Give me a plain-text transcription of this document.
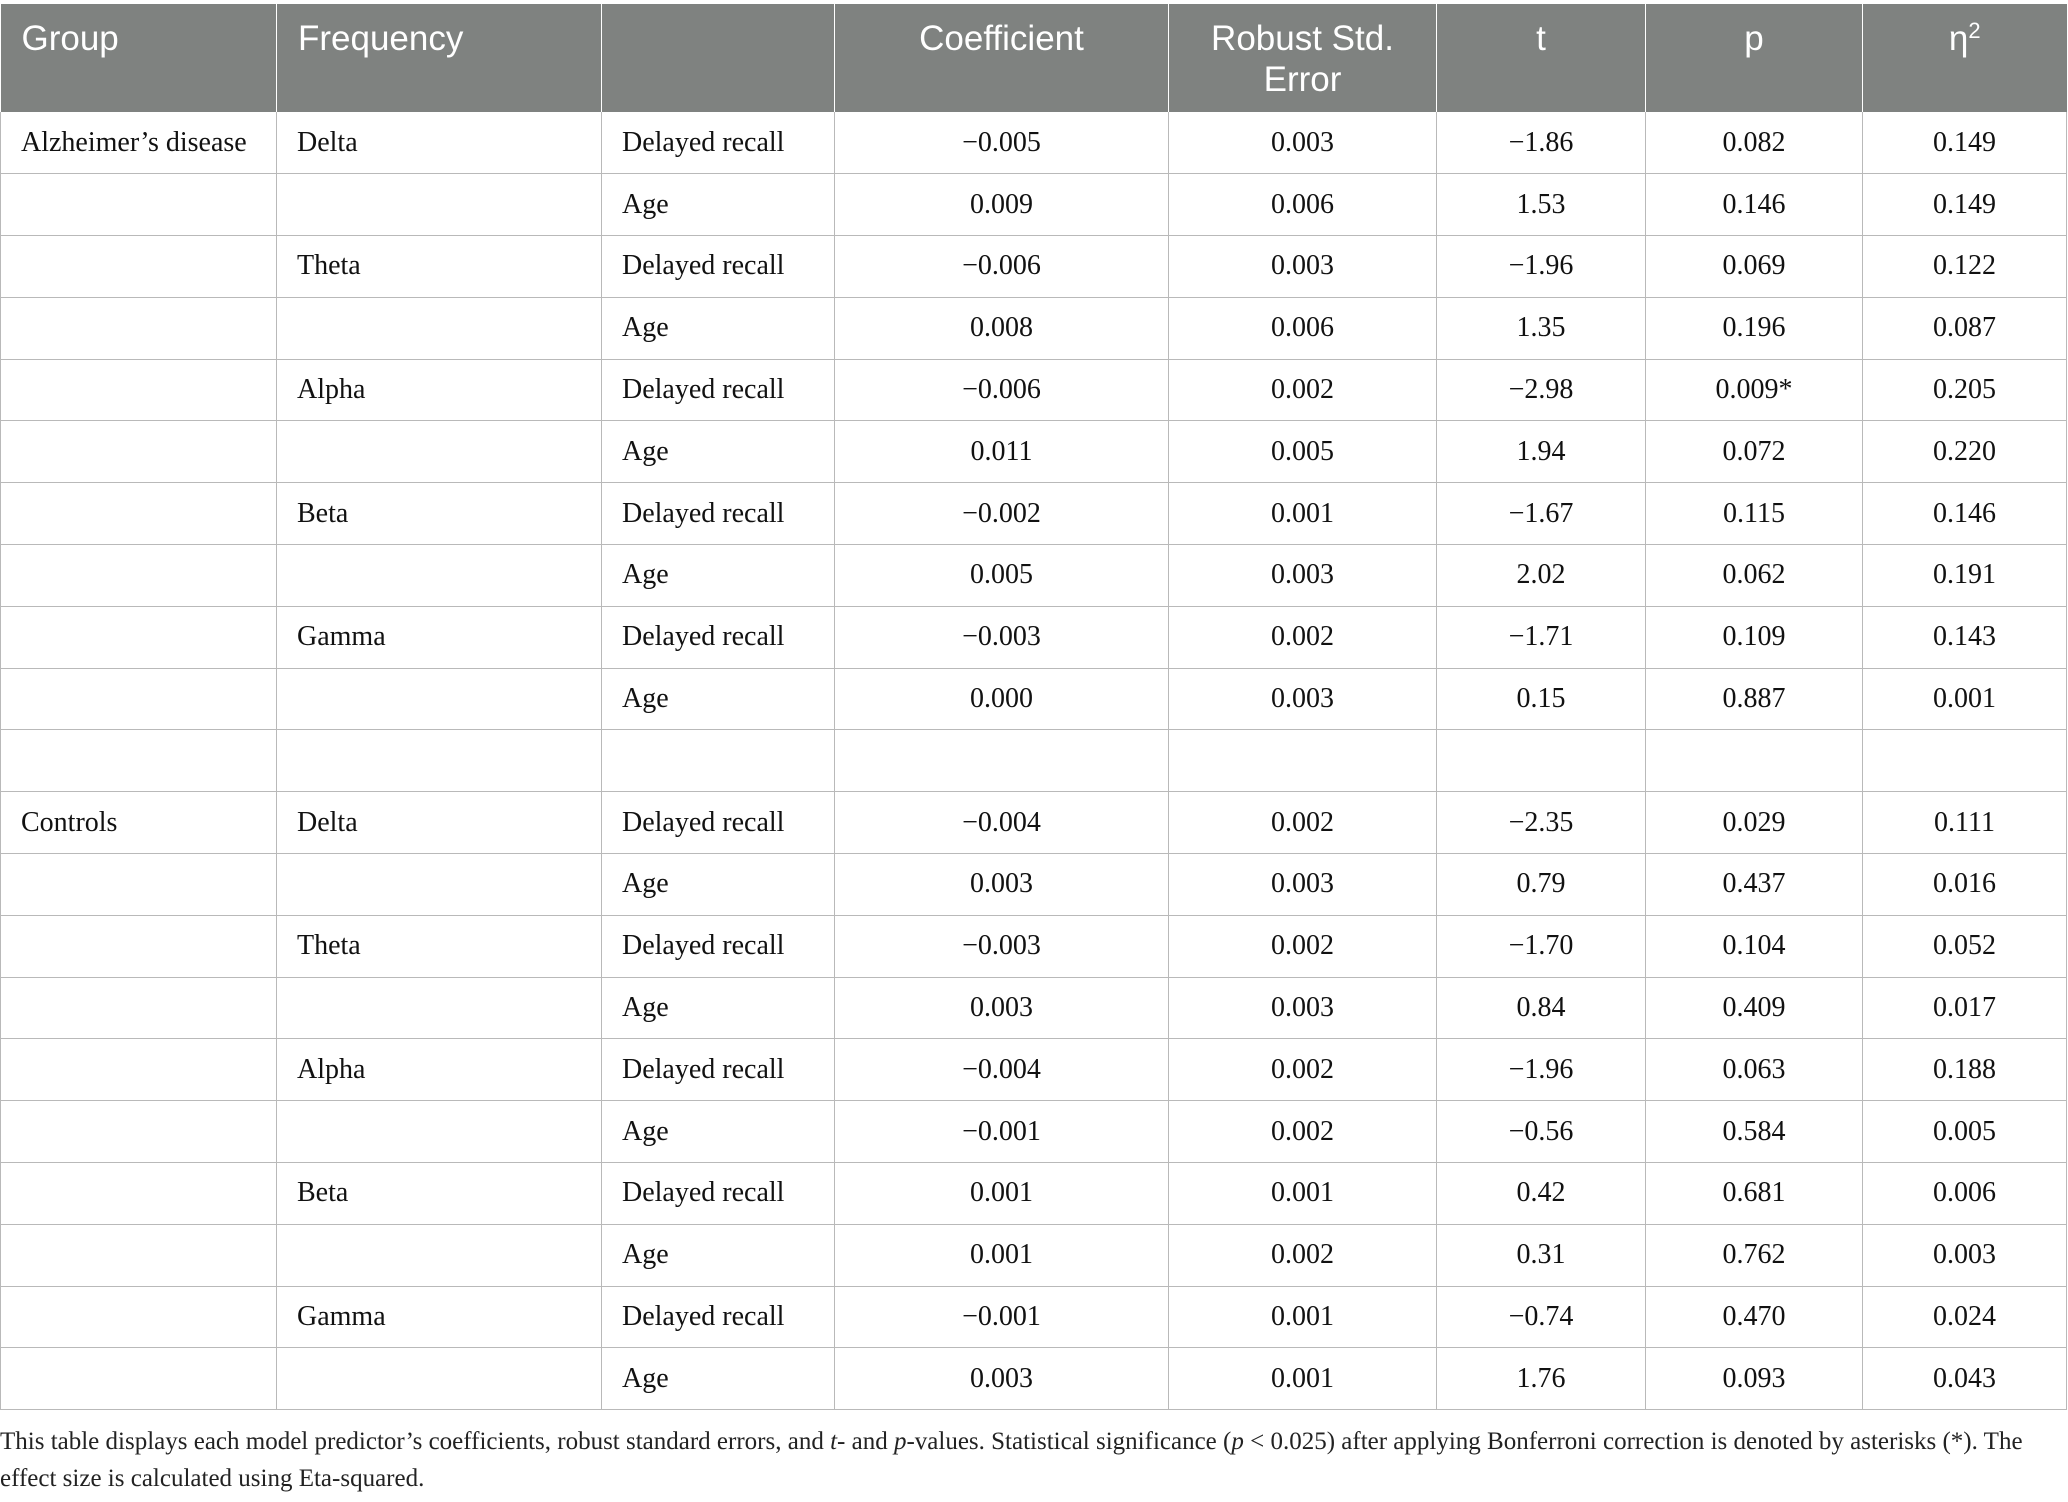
Group	Frequency		Coefficient	Robust Std. Error	t	p	$\eta^2$

Alzheimer’s disease	Delta	Delayed recall	−0.005	0.003	−1.86	0.082	0.149
		Age	0.009	0.006	1.53	0.146	0.149
	Theta	Delayed recall	−0.006	0.003	−1.96	0.069	0.122
		Age	0.008	0.006	1.35	0.196	0.087
	Alpha	Delayed recall	−0.006	0.002	−2.98	0.009*	0.205
		Age	0.011	0.005	1.94	0.072	0.220
	Beta	Delayed recall	−0.002	0.001	−1.67	0.115	0.146
		Age	0.005	0.003	2.02	0.062	0.191
	Gamma	Delayed recall	−0.003	0.002	−1.71	0.109	0.143
		Age	0.000	0.003	0.15	0.887	0.001

Controls	Delta	Delayed recall	−0.004	0.002	−2.35	0.029	0.111
		Age	0.003	0.003	0.79	0.437	0.016
	Theta	Delayed recall	−0.003	0.002	−1.70	0.104	0.052
		Age	0.003	0.003	0.84	0.409	0.017
	Alpha	Delayed recall	−0.004	0.002	−1.96	0.063	0.188
		Age	−0.001	0.002	−0.56	0.584	0.005
	Beta	Delayed recall	0.001	0.001	0.42	0.681	0.006
		Age	0.001	0.002	0.31	0.762	0.003
	Gamma	Delayed recall	−0.001	0.001	−0.74	0.470	0.024
		Age	0.003	0.001	1.76	0.093	0.043
This table displays each model predictor’s coefficients, robust standard errors, and t- and p-values. Statistical significance (p < 0.025) after applying Bonferroni correction is denoted by asterisks (*). The effect size is calculated using Eta-squared.
